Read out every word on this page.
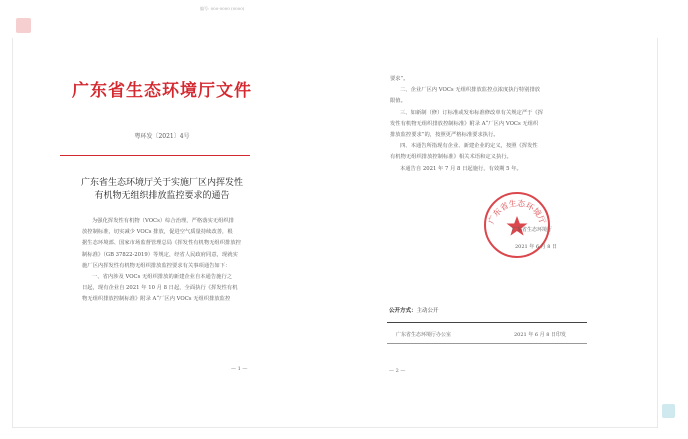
编号: 000-0000 (0000)
广东省生态环境厅文件
粤环发〔2021〕4号
广东省生态环境厅关于实施厂区内挥发性
有机物无组织排放监控要求的通告
为强化挥发性有机物（VOCs）综合治理，严格落实无组织排
放控制标准，切实减少 VOCs 排放，促进空气质量持续改善，根
据生态环境部、国家市场监督管理总局《挥发性有机物无组织排放控
制标准》（GB 37822-2019）等规定，经省人民政府同意，现就实
施厂区内挥发性有机物无组织排放监控要求有关事项通告如下：
一、省内涉及 VOCs 无组织排放的新建企业自本通告施行之
日起，现有企业自 2021 年 10 月 8 日起，全面执行《挥发性有机
物无组织排放控制标准》附录 A“厂区内 VOCs 无组织排放监控
— 1 —
要求”。
二、企业厂区内 VOCs 无组织排放监控点浓度执行特别排放
限值。
三、如新制（修）订标准或发布标准修改单有关规定严于《挥
发性有机物无组织排放控制标准》附录 A“厂区内 VOCs 无组织
排放监控要求”的，按照更严格标准要求执行。
四、本通告所指现有企业、新建企业的定义，按照《挥发性
有机物无组织排放控制标准》相关术语和定义执行。
本通告自 2021 年 7 月 8 日起施行，有效期 5 年。
广东省生态环境厅
广东省生态环境厅
2021 年 6 月 8 日
公开方式：主动公开
广东省生态环境厅办公室	2021 年 6 月 8 日印发
— 2 —
